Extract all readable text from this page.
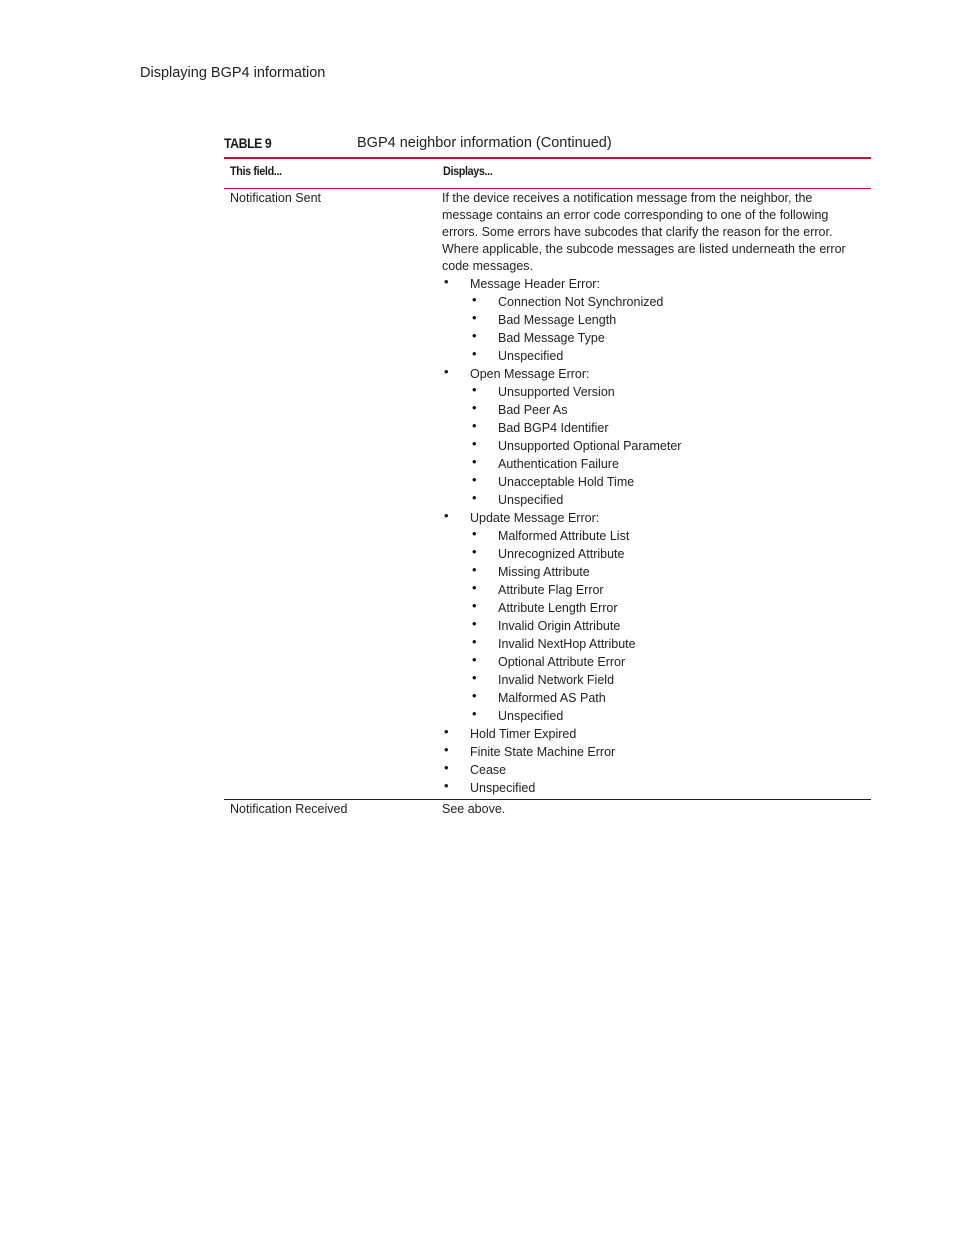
Displaying BGP4 information
TABLE 9	BGP4 neighbor information (Continued)
This field...	Displays...
Notification Sent	If the device receives a notification message from the neighbor, the message contains an error code corresponding to one of the following errors. Some errors have subcodes that clarify the reason for the error. Where applicable, the subcode messages are listed underneath the error code messages.

• Message Header Error:
• Connection Not Synchronized
• Bad Message Length
• Bad Message Type
• Unspecified
• Open Message Error:
• Unsupported Version
• Bad Peer As
• Bad BGP4 Identifier
• Unsupported Optional Parameter
• Authentication Failure
• Unacceptable Hold Time
• Unspecified
• Update Message Error:
• Malformed Attribute List
• Unrecognized Attribute
• Missing Attribute
• Attribute Flag Error
• Attribute Length Error
• Invalid Origin Attribute
• Invalid NextHop Attribute
• Optional Attribute Error
• Invalid Network Field
• Malformed AS Path
• Unspecified
• Hold Timer Expired
• Finite State Machine Error
• Cease
• Unspecified
Notification Received	See above.
